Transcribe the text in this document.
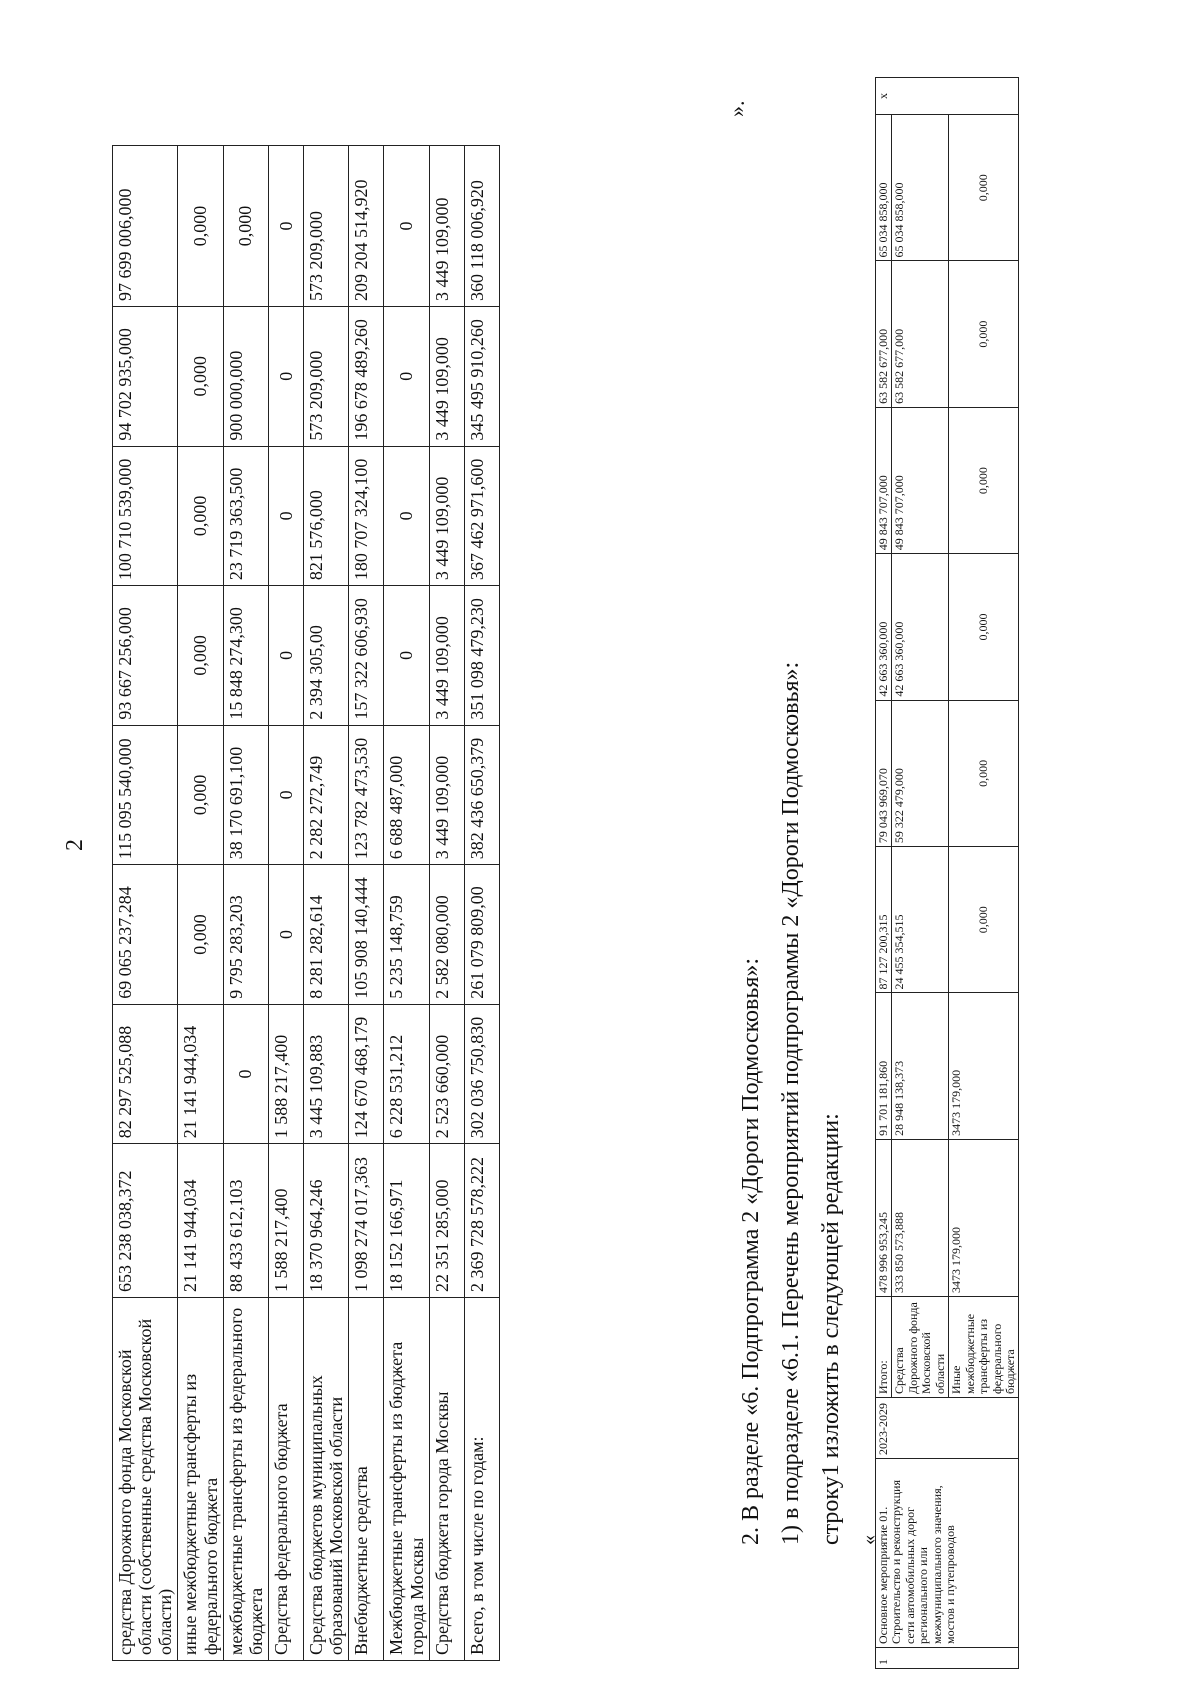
2
средства Дорожного фонда Московской области (собственные средства Московской области)	653 238 038,372	82 297 525,088	69 065 237,284	115 095 540,000	93 667 256,000	100 710 539,000	94 702 935,000	97 699 006,000
иные межбюджетные трансферты из федерального бюджета	21 141 944,034	21 141 944,034	0,000	0,000	0,000	0,000	0,000	0,000
межбюджетные трансферты из федерального бюджета	88 433 612,103	0	9 795 283,203	38 170 691,100	15 848 274,300	23 719 363,500	900 000,000	0,000
Средства федерального бюджета	1 588 217,400	1 588 217,400	0	0	0	0	0	0
Средства бюджетов муниципальных образований Московской области	18 370 964,246	3 445 109,883	8 281 282,614	2 282 272,749	2 394 305,00	821 576,000	573 209,000	573 209,000
Внебюджетные средства	1 098 274 017,363	124 670 468,179	105 908 140,444	123 782 473,530	157 322 606,930	180 707 324,100	196 678 489,260	209 204 514,920
Межбюджетные трансферты из бюджета города Москвы	18 152 166,971	6 228 531,212	5 235 148,759	6 688 487,000	0	0	0	0
Средства бюджета города Москвы	22 351 285,000	2 523 660,000	2 582 080,000	3 449 109,000	3 449 109,000	3 449 109,000	3 449 109,000	3 449 109,000
Всего, в том числе по годам:	2 369 728 578,222	302 036 750,830	261 079 809,00	382 436 650,379	351 098 479,230	367 462 971,600	345 495 910,260	360 118 006,920
».
2. В разделе «6. Подпрограмма 2 «Дороги Подмосковья»: 1) в подразделе «6.1. Перечень мероприятий подпрограммы 2 «Дороги Подмосковья»: строку1 изложить в следующей редакции: «
1	Основное мероприятие 01. Строительство и реконструкция сети автомобильных дорог регионального или межмуниципального значения, мостов и путепроводов	2023-2029	Итого:	478 996 953,245	91 701 181,860	87 127 200,315	79 043 969,070	42 663 360,000	49 843 707,000	63 582 677,000	65 034 858,000	x
			Средства Дорожного фонда Московской области	333 850 573,888	28 948 138,373	24 455 354,515	59 322 479,000	42 663 360,000	49 843 707,000	63 582 677,000	65 034 858,000	
			Иные межбюджетные трансферты из федерального бюджета	3473 179,000	3473 179,000	0,000	0,000	0,000	0,000	0,000	0,000	
